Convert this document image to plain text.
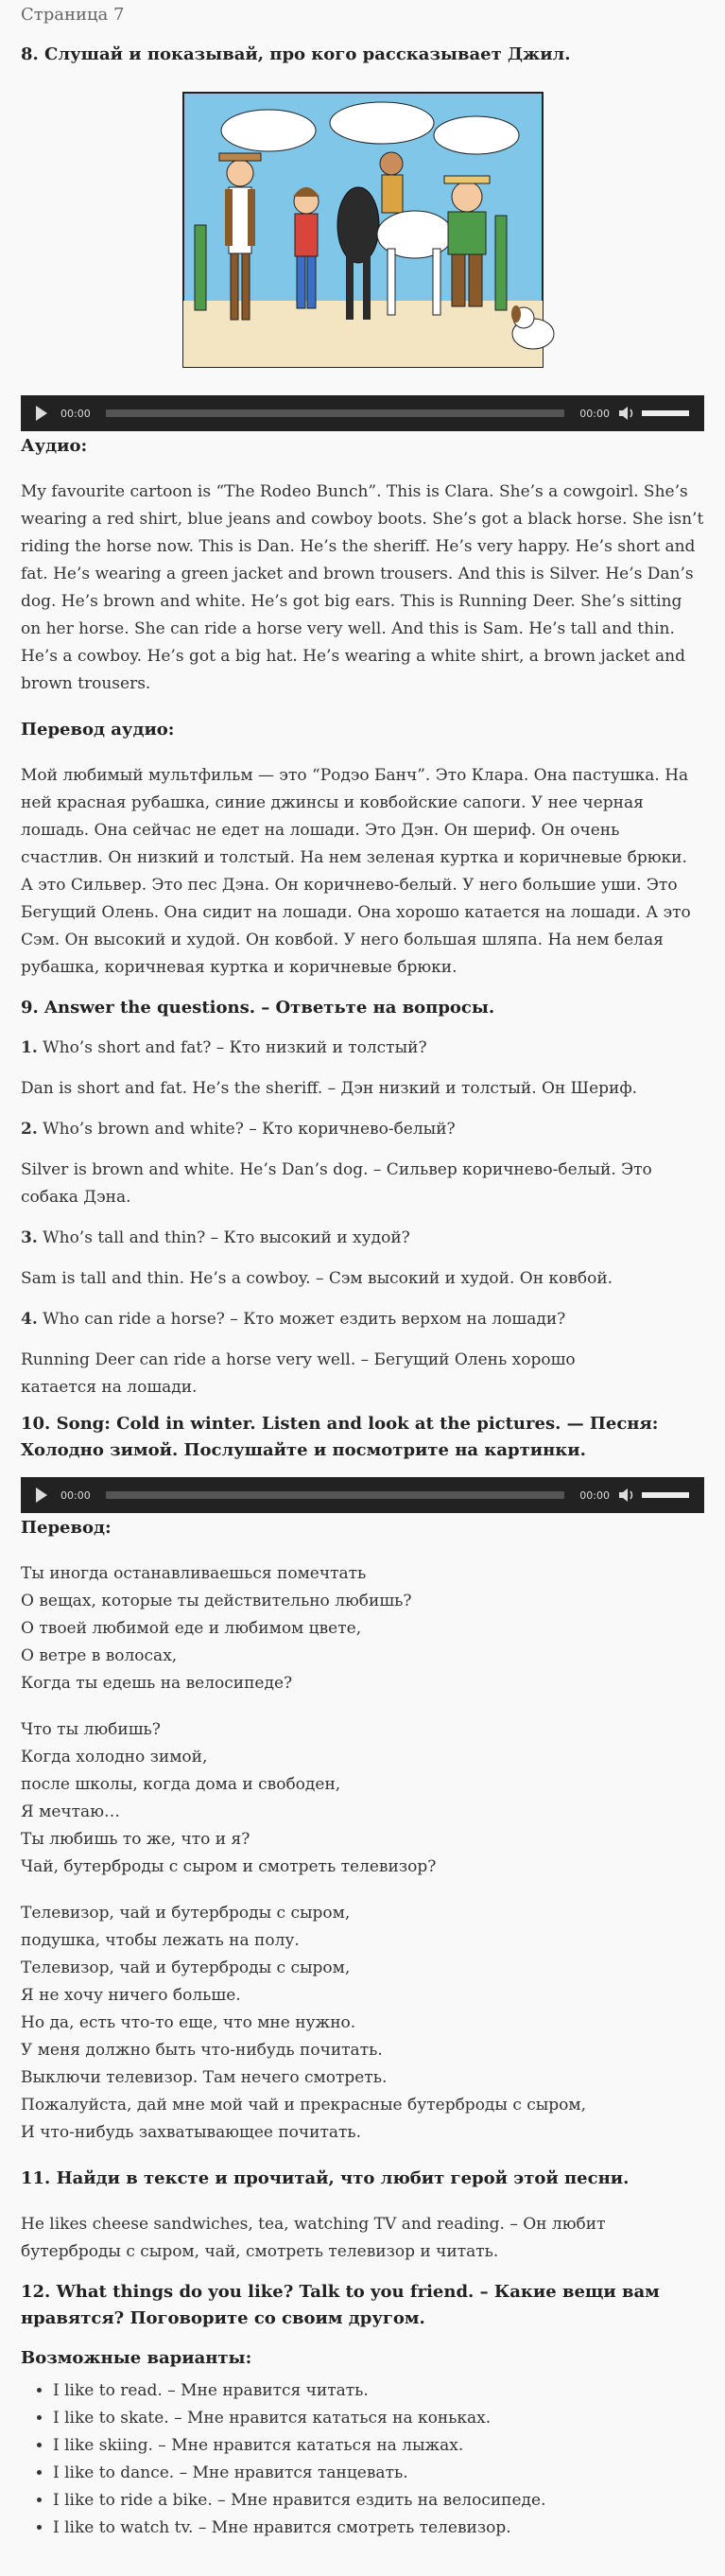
Страница 7
8. Слушай и показывай, про кого рассказывает Джил.
00:00	00:00
Аудио:

My favourite cartoon is “The Rodeo Bunch”. This is Clara. She’s a cowgoirl. She’s wearing a red shirt, blue jeans and cowboy boots. She’s got a black horse. She isn’t riding the horse now. This is Dan. He’s the sheriff. He’s very happy. He’s short and fat. He’s wearing a green jacket and brown trousers. And this is Silver. He’s Dan’s dog. He’s brown and white. He’s got big ears. This is Running Deer. She’s sitting on her horse. She can ride a horse very well. And this is Sam. He’s tall and thin. He’s a cowboy. He’s got a big hat. He’s wearing a white shirt, a brown jacket and brown trousers.

Перевод аудио:

Мой любимый мультфильм — это “Родэо Банч”. Это Клара. Она пастушка. На ней красная рубашка, синие джинсы и ковбойские сапоги. У нее черная лошадь. Она сейчас не едет на лошади. Это Дэн. Он шериф. Он очень счастлив. Он низкий и толстый. На нем зеленая куртка и коричневые брюки. А это Сильвер. Это пес Дэна. Он коричнево-белый. У него большие уши. Это Бегущий Олень. Она сидит на лошади. Она хорошо катается на лошади. А это Сэм. Он высокий и худой. Он ковбой. У него большая шляпа. На нем белая рубашка, коричневая куртка и коричневые брюки.

9. Answer the questions. – Ответьте на вопросы.

1. Who’s short and fat? – Кто низкий и толстый?

Dan is short and fat. He’s the sheriff. – Дэн низкий и толстый. Он Шериф.

2. Who’s brown and white? – Кто коричнево-белый?

Silver is brown and white. He’s Dan’s dog. – Сильвер коричнево-белый. Это собака Дэна.

3. Who’s tall and thin? – Кто высокий и худой?

Sam is tall and thin. He’s a cowboy. – Сэм высокий и худой. Он ковбой.

4. Who can ride a horse? – Кто может ездить верхом на лошади?

Running Deer can ride a horse very well. – Бегущий Олень хорошо

катается на лошади.

10. Song: Cold in winter. Listen and look at the pictures. — Песня: Холодно зимой. Послушайте и посмотрите на картинки.
00:00	00:00
Перевод:

Ты иногда останавливаешься помечтать

О вещах, которые ты действительно любишь?

О твоей любимой еде и любимом цвете,

О ветре в волосах,

Когда ты едешь на велосипеде?

Что ты любишь?

Когда холодно зимой,

после школы, когда дома и свободен,

Я мечтаю…

Ты любишь то же, что и я?

Чай, бутерброды с сыром и смотреть телевизор?

Телевизор, чай и бутерброды с сыром,

подушка, чтобы лежать на полу.

Телевизор, чай и бутерброды с сыром,

Я не хочу ничего больше.

Но да, есть что-то еще, что мне нужно.

У меня должно быть что-нибудь почитать.

Выключи телевизор. Там нечего смотреть.

Пожалуйста, дай мне мой чай и прекрасные бутерброды с сыром,

И что-нибудь захватывающее почитать.

11. Найди в тексте и прочитай, что любит герой этой песни.

He likes cheese sandwiches, tea, watching TV and reading. – Он любит бутерброды с сыром, чай, смотреть телевизор и читать.

12. What things do you like? Talk to you friend. – Какие вещи вам нравятся? Поговорите со своим другом.
Возможные варианты:
• I like to read. – Мне нравится читать.
• I like to skate. – Мне нравится кататься на коньках.
• I like skiing. – Мне нравится кататься на лыжах.
• I like to dance. – Мне нравится танцевать.
• I like to ride a bike. – Мне нравится ездить на велосипеде.
• I like to watch tv. – Мне нравится смотреть телевизор.
